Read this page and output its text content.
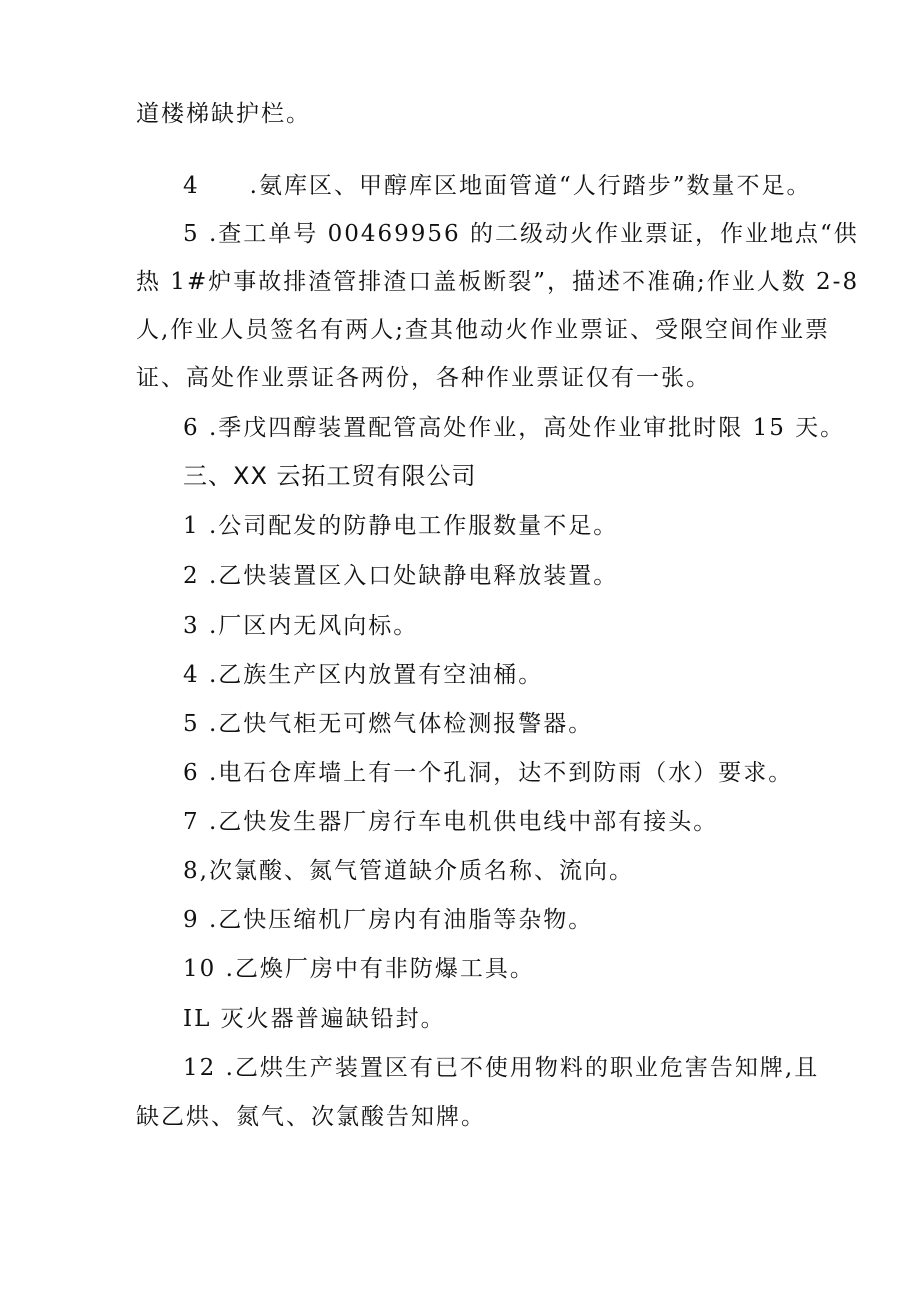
道楼梯缺护栏。
4　　.氨库区、甲醇库区地面管道“人行踏步”数量不足。
5 .查工单号 00469956 的二级动火作业票证，作业地点“供
热 1#炉事故排渣管排渣口盖板断裂”，描述不准确;作业人数 2-8
人,作业人员签名有两人;查其他动火作业票证、受限空间作业票
证、高处作业票证各两份，各种作业票证仅有一张。
6 .季戊四醇装置配管高处作业，高处作业审批时限 15 天。
三、XX 云拓工贸有限公司
1 .公司配发的防静电工作服数量不足。
2 .乙快装置区入口处缺静电释放装置。
3 .厂区内无风向标。
4 .乙族生产区内放置有空油桶。
5 .乙快气柜无可燃气体检测报警器。
6 .电石仓库墙上有一个孔洞，达不到防雨（水）要求。
7 .乙快发生器厂房行车电机供电线中部有接头。
8,次氯酸、氮气管道缺介质名称、流向。
9 .乙快压缩机厂房内有油脂等杂物。
10 .乙煥厂房中有非防爆工具。
IL 灭火器普遍缺铅封。
12 .乙烘生产装置区有已不使用物料的职业危害告知牌,且
缺乙烘、氮气、次氯酸告知牌。
